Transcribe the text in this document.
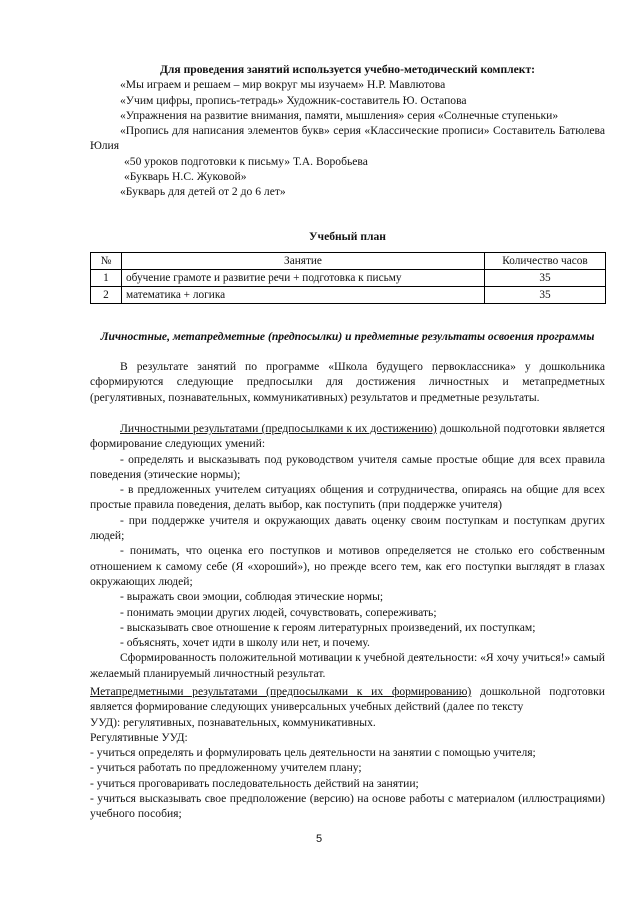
Для проведения занятий используется учебно-методический комплект:

«Мы играем и решаем – мир вокруг мы изучаем» Н.Р. Мавлютова

«Учим цифры, пропись-тетрадь» Художник-составитель Ю. Остапова

«Упражнения на развитие внимания, памяти, мышления» серия «Солнечные ступеньки»

«Пропись для написания элементов букв» серия «Классические прописи» Составитель Батюлева Юлия

«50 уроков подготовки к письму» Т.А. Воробьева

«Букварь Н.С. Жуковой»

«Букварь для детей от 2 до 6 лет»

Учебный план
№	Занятие	Количество часов
1	обучение грамоте и развитие речи + подготовка к письму	35
2	математика + логика	35
Личностные, метапредметные (предпосылки) и предметные результаты освоения программы
В результате занятий по программе «Школа будущего первоклассника» у дошкольника сформируются следующие предпосылки для достижения личностных и метапредметных (регулятивных, познавательных, коммуникативных) результатов и предметные результаты.

Личностными результатами (предпосылками к их достижению) дошкольной подготовки является формирование следующих умений:

- определять и высказывать под руководством учителя самые простые общие для всех правила поведения (этические нормы);

- в предложенных учителем ситуациях общения и сотрудничества, опираясь на общие для всех простые правила поведения, делать выбор, как поступить (при поддержке учителя)

- при поддержке учителя и окружающих давать оценку своим поступкам и поступкам других людей;

- понимать, что оценка его поступков и мотивов определяется не столько его собственным отношением к самому себе (Я «хороший»), но прежде всего тем, как его поступки выглядят в глазах окружающих людей;

- выражать свои эмоции, соблюдая этические нормы;

- понимать эмоции других людей, сочувствовать, сопереживать;

- высказывать свое отношение к героям литературных произведений, их поступкам;

- объяснять, хочет идти в школу или нет, и почему.

Сформированность положительной мотивации к учебной деятельности: «Я хочу учиться!» самый желаемый планируемый личностный результат.

Метапредметными результатами (предпосылками к их формированию) дошкольной подготовки является формирование следующих универсальных учебных действий (далее по тексту

УУД): регулятивных, познавательных, коммуникативных.

Регулятивные УУД:

- учиться определять и формулировать цель деятельности на занятии с помощью учителя;

- учиться работать по предложенному учителем плану;

- учиться проговаривать последовательность действий на занятии;

- учиться высказывать свое предположение (версию) на основе работы с материалом (иллюстрациями) учебного пособия;

5
